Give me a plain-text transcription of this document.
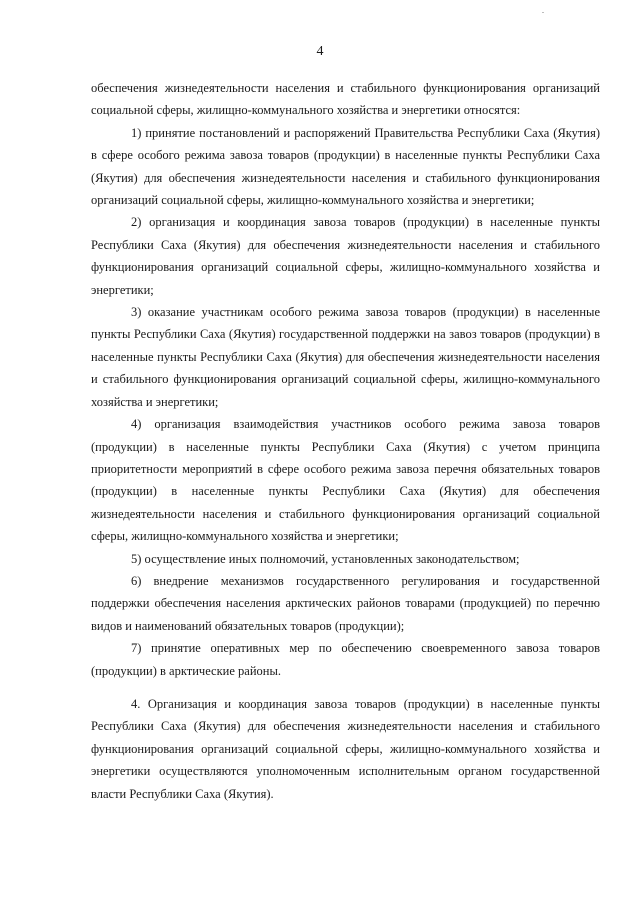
4

обеспечения жизнедеятельности населения и стабильного функционирования организаций социальной сферы, жилищно-коммунального хозяйства и энергетики относятся:

1) принятие постановлений и распоряжений Правительства Республики Саха (Якутия) в сфере особого режима завоза товаров (продукции) в населенные пункты Республики Саха (Якутия) для обеспечения жизнедеятельности населения и стабильного функционирования организаций социальной сферы, жилищно-коммунального хозяйства и энергетики;

2) организация и координация завоза товаров (продукции) в населенные пункты Республики Саха (Якутия) для обеспечения жизнедеятельности населения и стабильного функционирования организаций социальной сферы, жилищно-коммунального хозяйства и энергетики;

3) оказание участникам особого режима завоза товаров (продукции) в населенные пункты Республики Саха (Якутия) государственной поддержки на завоз товаров (продукции) в населенные пункты Республики Саха (Якутия) для обеспечения жизнедеятельности населения и стабильного функционирования организаций социальной сферы, жилищно-коммунального хозяйства и энергетики;

4) организация взаимодействия участников особого режима завоза товаров (продукции) в населенные пункты Республики Саха (Якутия) с учетом принципа приоритетности мероприятий в сфере особого режима завоза перечня обязательных товаров (продукции) в населенные пункты Республики Саха (Якутия) для обеспечения жизнедеятельности населения и стабильного функционирования организаций социальной сферы, жилищно-коммунального хозяйства и энергетики;

5) осуществление иных полномочий, установленных законодательством;

6) внедрение механизмов государственного регулирования и государственной поддержки обеспечения населения арктических районов товарами (продукцией) по перечню видов и наименований обязательных товаров (продукции);

7) принятие оперативных мер по обеспечению своевременного завоза товаров (продукции) в арктические районы.

4. Организация и координация завоза товаров (продукции) в населенные пункты Республики Саха (Якутия) для обеспечения жизнедеятельности населения и стабильного функционирования организаций социальной сферы, жилищно-коммунального хозяйства и энергетики осуществляются уполномоченным исполнительным органом государственной власти Республики Саха (Якутия).
